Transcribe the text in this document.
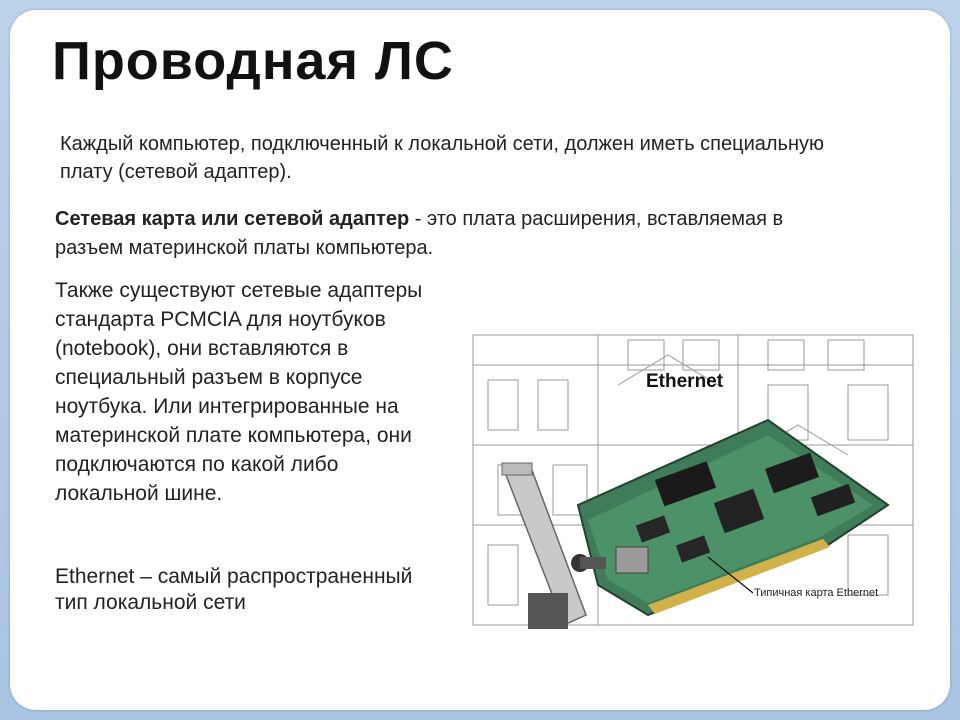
Проводная ЛС
Каждый компьютер, подключенный к локальной сети, должен иметь специальную плату (сетевой адаптер).
Сетевая карта или сетевой адаптер - это плата расширения, вставляемая в разъем материнской платы компьютера.
Также существуют сетевые адаптеры стандарта PCMCIA для ноутбуков (notebook), они вставляются в специальный разъем в корпусе ноутбука. Или интегрированные на материнской плате компьютера, они подключаются по какой либо локальной шине.
Ethernet – самый распространенный тип локальной сети
Ethernet
Типичная карта Ethernet
